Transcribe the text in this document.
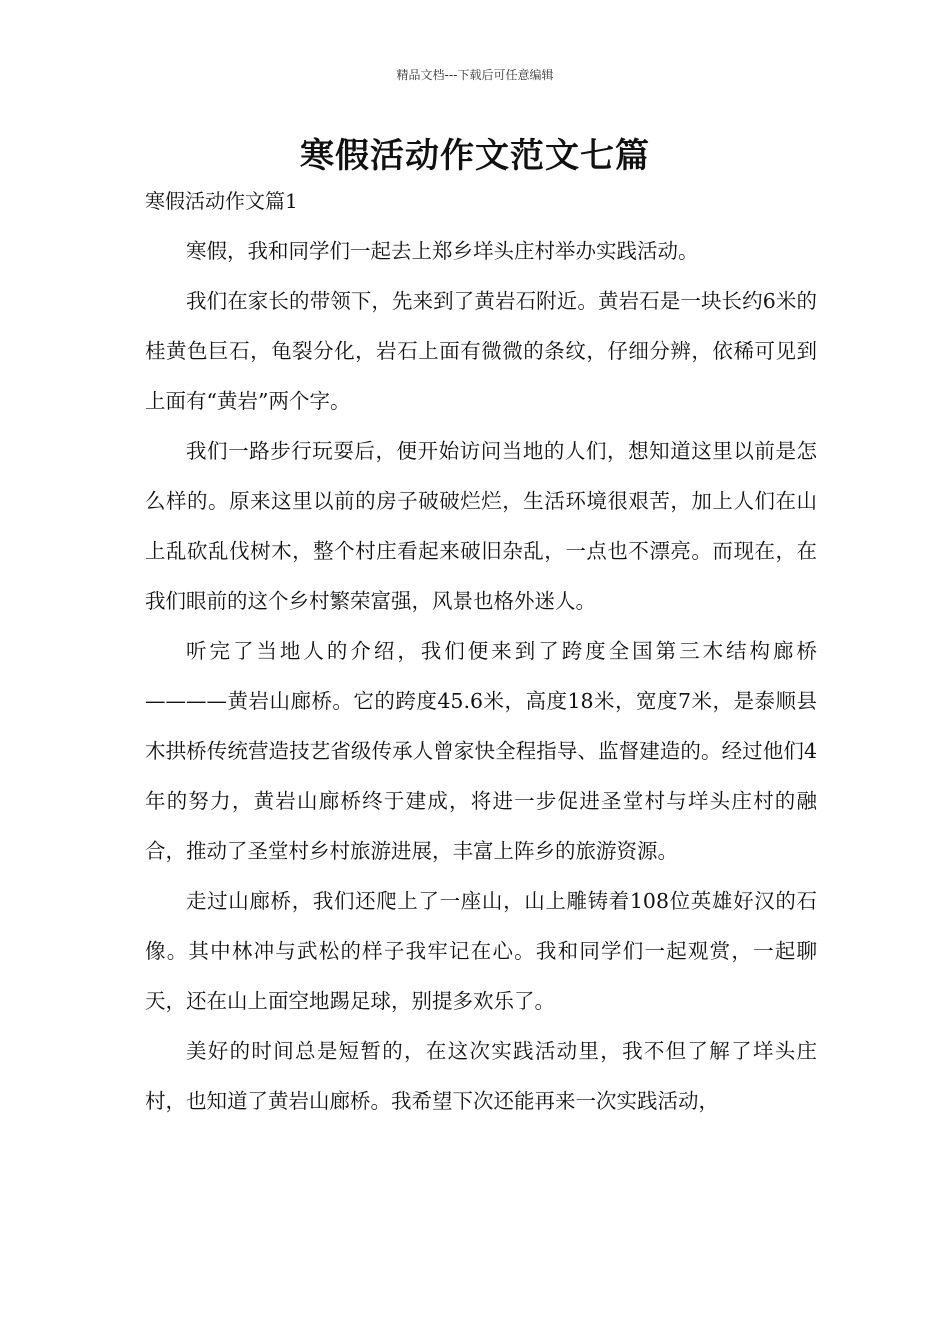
精品文档---下载后可任意编辑
寒假活动作文范文七篇

寒假活动作文篇1

寒假，我和同学们一起去上郑乡垟头庄村举办实践活动。

我们在家长的带领下，先来到了黄岩石附近。黄岩石是一块长约6米的桂黄色巨石，龟裂分化，岩石上面有微微的条纹，仔细分辨，依稀可见到上面有“黄岩”两个字。

我们一路步行玩耍后，便开始访问当地的人们，想知道这里以前是怎么样的。原来这里以前的房子破破烂烂，生活环境很艰苦，加上人们在山上乱砍乱伐树木，整个村庄看起来破旧杂乱，一点也不漂亮。而现在，在我们眼前的这个乡村繁荣富强，风景也格外迷人。

听完了当地人的介绍，我们便来到了跨度全国第三木结构廊桥————黄岩山廊桥。它的跨度45.6米，高度18米，宽度7米，是泰顺县木拱桥传统营造技艺省级传承人曾家快全程指导、监督建造的。经过他们4年的努力，黄岩山廊桥终于建成，将进一步促进圣堂村与垟头庄村的融合，推动了圣堂村乡村旅游进展，丰富上阵乡的旅游资源。

走过山廊桥，我们还爬上了一座山，山上雕铸着108位英雄好汉的石像。其中林冲与武松的样子我牢记在心。我和同学们一起观赏，一起聊天，还在山上面空地踢足球，别提多欢乐了。

美好的时间总是短暂的，在这次实践活动里，我不但了解了垟头庄村，也知道了黄岩山廊桥。我希望下次还能再来一次实践活动，
